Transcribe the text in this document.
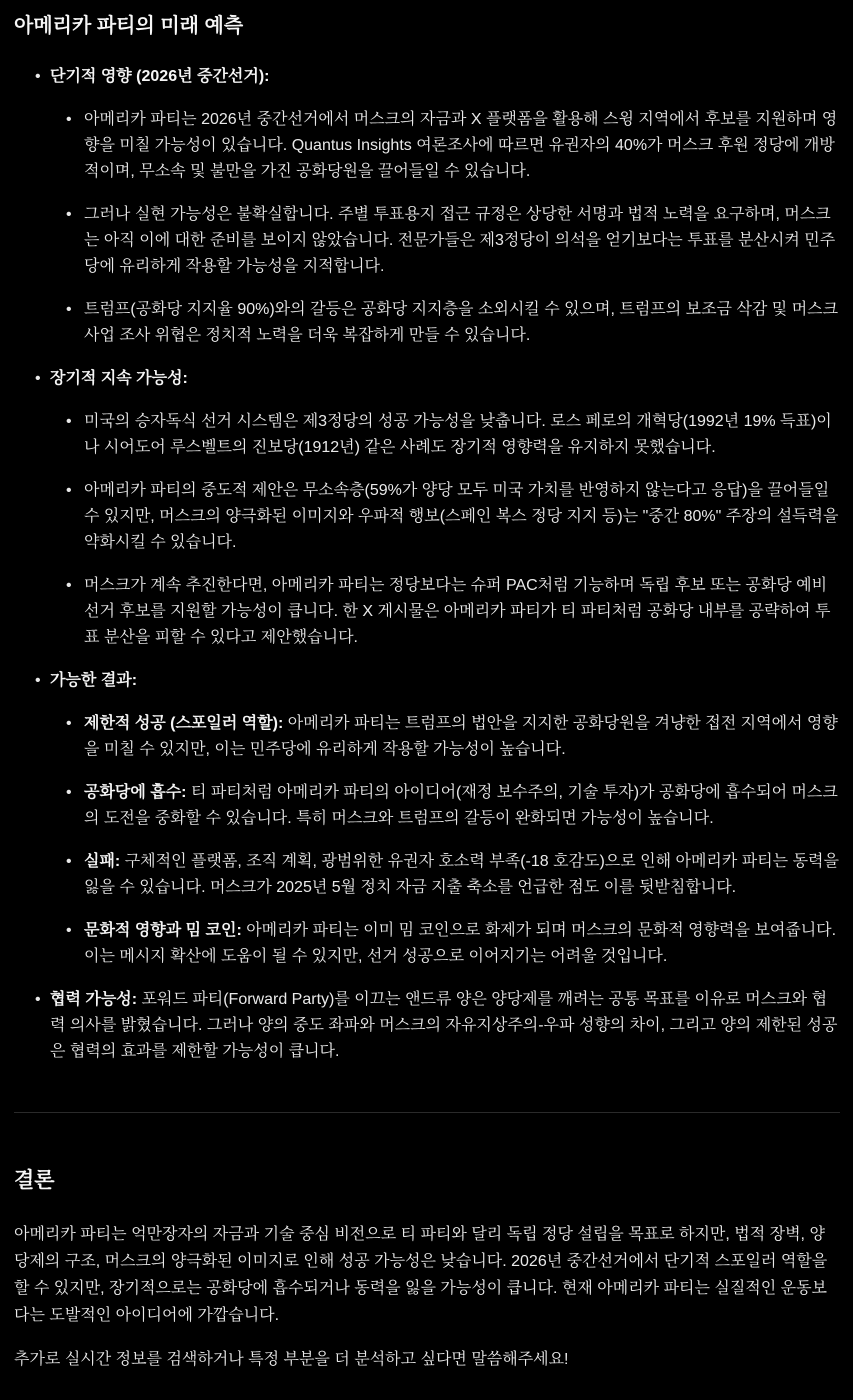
아메리카 파티의 미래 예측
• 단기적 영향 (2026년 중간선거):
• 아메리카 파티는 2026년 중간선거에서 머스크의 자금과 X 플랫폼을 활용해 스윙 지역에서 후보를 지원하며 영향을 미칠 가능성이 있습니다. Quantus Insights 여론조사에 따르면 유권자의 40%가 머스크 후원 정당에 개방적이며, 무소속 및 불만을 가진 공화당원을 끌어들일 수 있습니다.
• 그러나 실현 가능성은 불확실합니다. 주별 투표용지 접근 규정은 상당한 서명과 법적 노력을 요구하며, 머스크는 아직 이에 대한 준비를 보이지 않았습니다. 전문가들은 제3정당이 의석을 얻기보다는 투표를 분산시켜 민주당에 유리하게 작용할 가능성을 지적합니다.
• 트럼프(공화당 지지율 90%)와의 갈등은 공화당 지지층을 소외시킬 수 있으며, 트럼프의 보조금 삭감 및 머스크 사업 조사 위협은 정치적 노력을 더욱 복잡하게 만들 수 있습니다.
• 장기적 지속 가능성:
• 미국의 승자독식 선거 시스템은 제3정당의 성공 가능성을 낮춥니다. 로스 페로의 개혁당(1992년 19% 득표)이나 시어도어 루스벨트의 진보당(1912년) 같은 사례도 장기적 영향력을 유지하지 못했습니다.
• 아메리카 파티의 중도적 제안은 무소속층(59%가 양당 모두 미국 가치를 반영하지 않는다고 응답)을 끌어들일 수 있지만, 머스크의 양극화된 이미지와 우파적 행보(스페인 복스 정당 지지 등)는 "중간 80%" 주장의 설득력을 약화시킬 수 있습니다.
• 머스크가 계속 추진한다면, 아메리카 파티는 정당보다는 슈퍼 PAC처럼 기능하며 독립 후보 또는 공화당 예비선거 후보를 지원할 가능성이 큽니다. 한 X 게시물은 아메리카 파티가 티 파티처럼 공화당 내부를 공략하여 투표 분산을 피할 수 있다고 제안했습니다.
• 가능한 결과:
• 제한적 성공 (스포일러 역할): 아메리카 파티는 트럼프의 법안을 지지한 공화당원을 겨냥한 접전 지역에서 영향을 미칠 수 있지만, 이는 민주당에 유리하게 작용할 가능성이 높습니다.
• 공화당에 흡수: 티 파티처럼 아메리카 파티의 아이디어(재정 보수주의, 기술 투자)가 공화당에 흡수되어 머스크의 도전을 중화할 수 있습니다. 특히 머스크와 트럼프의 갈등이 완화되면 가능성이 높습니다.
• 실패: 구체적인 플랫폼, 조직 계획, 광범위한 유권자 호소력 부족(-18 호감도)으로 인해 아메리카 파티는 동력을 잃을 수 있습니다. 머스크가 2025년 5월 정치 자금 지출 축소를 언급한 점도 이를 뒷받침합니다.
• 문화적 영향과 밈 코인: 아메리카 파티는 이미 밈 코인으로 화제가 되며 머스크의 문화적 영향력을 보여줍니다. 이는 메시지 확산에 도움이 될 수 있지만, 선거 성공으로 이어지기는 어려울 것입니다.
• 협력 가능성: 포워드 파티(Forward Party)를 이끄는 앤드류 양은 양당제를 깨려는 공통 목표를 이유로 머스크와 협력 의사를 밝혔습니다. 그러나 양의 중도 좌파와 머스크의 자유지상주의-우파 성향의 차이, 그리고 양의 제한된 성공은 협력의 효과를 제한할 가능성이 큽니다.
결론

아메리카 파티는 억만장자의 자금과 기술 중심 비전으로 티 파티와 달리 독립 정당 설립을 목표로 하지만, 법적 장벽, 양당제의 구조, 머스크의 양극화된 이미지로 인해 성공 가능성은 낮습니다. 2026년 중간선거에서 단기적 스포일러 역할을 할 수 있지만, 장기적으로는 공화당에 흡수되거나 동력을 잃을 가능성이 큽니다. 현재 아메리카 파티는 실질적인 운동보다는 도발적인 아이디어에 가깝습니다.

추가로 실시간 정보를 검색하거나 특정 부분을 더 분석하고 싶다면 말씀해주세요!
